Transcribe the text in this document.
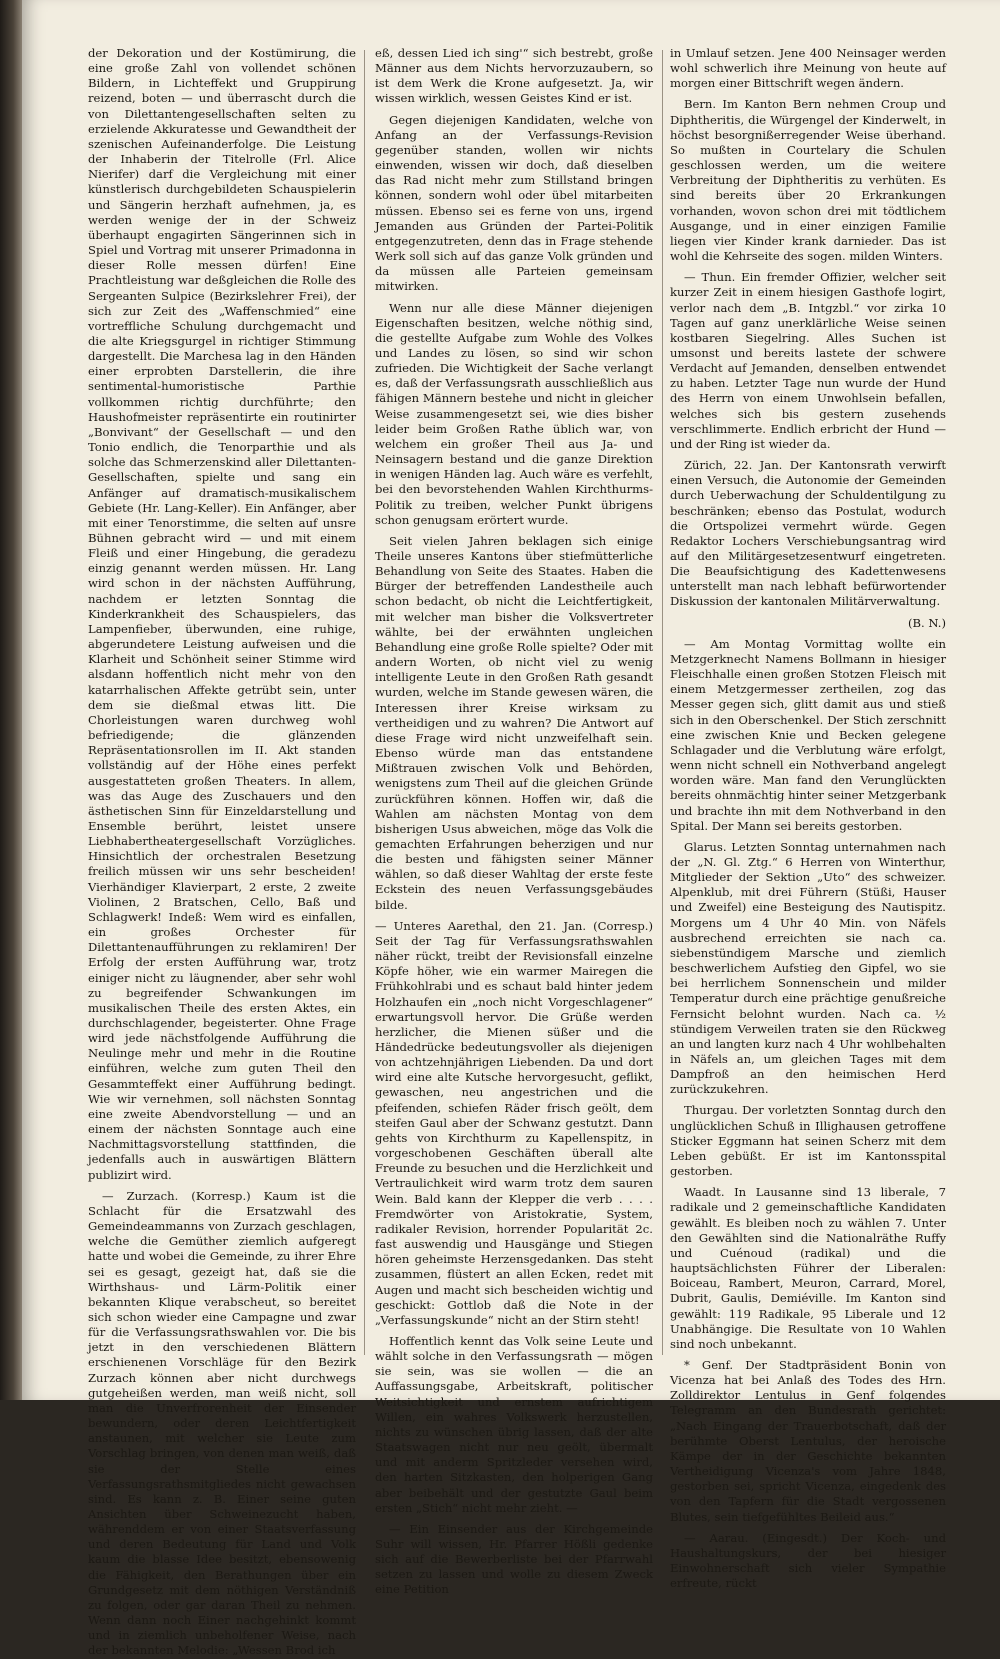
der Dekoration und der Kostümirung, die eine große Zahl von vollendet schönen Bildern, in Lichteffekt und Gruppirung reizend, boten — und überrascht durch die von Dilettantengesellschaften selten zu erzielende Akkuratesse und Gewandtheit der szenischen Aufeinanderfolge. Die Leistung der Inhaberin der Titelrolle (Frl. Alice Nierifer) darf die Vergleichung mit einer künstlerisch durchgebildeten Schauspielerin und Sängerin herzhaft aufnehmen, ja, es werden wenige der in der Schweiz überhaupt engagirten Sängerinnen sich in Spiel und Vortrag mit unserer Primadonna in dieser Rolle messen dürfen! Eine Prachtleistung war deßgleichen die Rolle des Sergeanten Sulpice (Bezirkslehrer Frei), der sich zur Zeit des „Waffenschmied“ eine vortreffliche Schulung durchgemacht und die alte Kriegsgurgel in richtiger Stimmung dargestellt. Die Marchesa lag in den Händen einer erprobten Darstellerin, die ihre sentimental-humoristische Parthie vollkommen richtig durchführte; den Haushofmeister repräsentirte ein routinirter „Bonvivant“ der Gesellschaft — und den Tonio endlich, die Tenorparthie und als solche das Schmerzenskind aller Dilettanten-Gesellschaften, spielte und sang ein Anfänger auf dramatisch-musikalischem Gebiete (Hr. Lang-Keller). Ein Anfänger, aber mit einer Tenorstimme, die selten auf unsre Bühnen gebracht wird — und mit einem Fleiß und einer Hingebung, die geradezu einzig genannt werden müssen. Hr. Lang wird schon in der nächsten Aufführung, nachdem er letzten Sonntag die Kinderkrankheit des Schauspielers, das Lampenfieber, überwunden, eine ruhige, abgerundetere Leistung aufweisen und die Klarheit und Schönheit seiner Stimme wird alsdann hoffentlich nicht mehr von den katarrhalischen Affekte getrübt sein, unter dem sie dießmal etwas litt. Die Chorleistungen waren durchweg wohl befriedigende; die glänzenden Repräsentationsrollen im II. Akt standen vollständig auf der Höhe eines perfekt ausgestatteten großen Theaters. In allem, was das Auge des Zuschauers und den ästhetischen Sinn für Einzeldarstellung und Ensemble berührt, leistet unsere Liebhabertheatergesellschaft Vorzügliches. Hinsichtlich der orchestralen Besetzung freilich müssen wir uns sehr bescheiden! Vierhändiger Klavierpart, 2 erste, 2 zweite Violinen, 2 Bratschen, Cello, Baß und Schlagwerk! Indeß: Wem wird es einfallen, ein großes Orchester für Dilettantenaufführungen zu reklamiren! Der Erfolg der ersten Aufführung war, trotz einiger nicht zu läugnender, aber sehr wohl zu begreifender Schwankungen im musikalischen Theile des ersten Aktes, ein durchschlagender, begeisterter. Ohne Frage wird jede nächstfolgende Aufführung die Neulinge mehr und mehr in die Routine einführen, welche zum guten Theil den Gesammteffekt einer Aufführung bedingt. Wie wir vernehmen, soll nächsten Sonntag eine zweite Abendvorstellung — und an einem der nächsten Sonntage auch eine Nachmittagsvorstellung stattfinden, die jedenfalls auch in auswärtigen Blättern publizirt wird.

— Zurzach. (Korresp.) Kaum ist die Schlacht für die Ersatzwahl des Gemeindeammanns von Zurzach geschlagen, welche die Gemüther ziemlich aufgeregt hatte und wobei die Gemeinde, zu ihrer Ehre sei es gesagt, gezeigt hat, daß sie die Wirthshaus- und Lärm-Politik einer bekannten Klique verabscheut, so bereitet sich schon wieder eine Campagne und zwar für die Verfassungsrathswahlen vor. Die bis jetzt in den verschiedenen Blättern erschienenen Vorschläge für den Bezirk Zurzach können aber nicht durchwegs gutgeheißen werden, man weiß nicht, soll man die Unverfrorenheit der Einsender bewundern, oder deren Leichtfertigkeit anstaunen, mit welcher sie Leute zum Vorschlag bringen, von denen man weiß, daß sie der Stelle eines Verfassungsrathsmitgliedes nicht gewachsen sind. Es kann z. B. Einer seine guten Ansichten über Schweinezucht haben, währenddem er von einer Staatsverfassung und deren Bedeutung für Land und Volk kaum die blasse Idee besitzt, ebensowenig die Fähigkeit, den Berathungen über ein Grundgesetz mit dem nöthigen Verständniß zu folgen, oder gar daran Theil zu nehmen. Wenn dann noch Einer nachgehinkt kommt und in ziemlich unbeholfener Weise, nach der bekannten Melodie: „Wessen Brod ich

eß, dessen Lied ich sing'“ sich bestrebt, große Männer aus dem Nichts hervorzuzaubern, so ist dem Werk die Krone aufgesetzt. Ja, wir wissen wirklich, wessen Geistes Kind er ist.

Gegen diejenigen Kandidaten, welche von Anfang an der Verfassungs-Revision gegenüber standen, wollen wir nichts einwenden, wissen wir doch, daß dieselben das Rad nicht mehr zum Stillstand bringen können, sondern wohl oder übel mitarbeiten müssen. Ebenso sei es ferne von uns, irgend Jemanden aus Gründen der Partei-Politik entgegenzutreten, denn das in Frage stehende Werk soll sich auf das ganze Volk gründen und da müssen alle Parteien gemeinsam mitwirken.

Wenn nur alle diese Männer diejenigen Eigenschaften besitzen, welche nöthig sind, die gestellte Aufgabe zum Wohle des Volkes und Landes zu lösen, so sind wir schon zufrieden. Die Wichtigkeit der Sache verlangt es, daß der Verfassungsrath ausschließlich aus fähigen Männern bestehe und nicht in gleicher Weise zusammengesetzt sei, wie dies bisher leider beim Großen Rathe üblich war, von welchem ein großer Theil aus Ja- und Neinsagern bestand und die ganze Direktion in wenigen Händen lag. Auch wäre es verfehlt, bei den bevorstehenden Wahlen Kirchthurms-Politik zu treiben, welcher Punkt übrigens schon genugsam erörtert wurde.

Seit vielen Jahren beklagen sich einige Theile unseres Kantons über stiefmütterliche Behandlung von Seite des Staates. Haben die Bürger der betreffenden Landestheile auch schon bedacht, ob nicht die Leichtfertigkeit, mit welcher man bisher die Volksvertreter wählte, bei der erwähnten ungleichen Behandlung eine große Rolle spielte? Oder mit andern Worten, ob nicht viel zu wenig intelligente Leute in den Großen Rath gesandt wurden, welche im Stande gewesen wären, die Interessen ihrer Kreise wirksam zu vertheidigen und zu wahren? Die Antwort auf diese Frage wird nicht unzweifelhaft sein. Ebenso würde man das entstandene Mißtrauen zwischen Volk und Behörden, wenigstens zum Theil auf die gleichen Gründe zurückführen können. Hoffen wir, daß die Wahlen am nächsten Montag von dem bisherigen Usus abweichen, möge das Volk die gemachten Erfahrungen beherzigen und nur die besten und fähigsten seiner Männer wählen, so daß dieser Wahltag der erste feste Eckstein des neuen Verfassungsgebäudes bilde.

— Unteres Aarethal, den 21. Jan. (Corresp.) Seit der Tag für Verfassungsrathswahlen näher rückt, treibt der Revisionsfall einzelne Köpfe höher, wie ein warmer Mairegen die Frühkohlrabi und es schaut bald hinter jedem Holzhaufen ein „noch nicht Vorgeschlagener“ erwartungsvoll hervor. Die Grüße werden herzlicher, die Mienen süßer und die Händedrücke bedeutungsvoller als diejenigen von achtzehnjährigen Liebenden. Da und dort wird eine alte Kutsche hervorgesucht, geflikt, gewaschen, neu angestrichen und die pfeifenden, schiefen Räder frisch geölt, dem steifen Gaul aber der Schwanz gestutzt. Dann gehts von Kirchthurm zu Kapellenspitz, in vorgeschobenen Geschäften überall alte Freunde zu besuchen und die Herzlichkeit und Vertraulichkeit wird warm trotz dem sauren Wein. Bald kann der Klepper die verb . . . . Fremdwörter von Aristokratie, System, radikaler Revision, horrender Popularität 2c. fast auswendig und Hausgänge und Stiegen hören geheimste Herzensgedanken. Das steht zusammen, flüstert an allen Ecken, redet mit Augen und macht sich bescheiden wichtig und geschickt: Gottlob daß die Note in der „Verfassungskunde“ nicht an der Stirn steht!

Hoffentlich kennt das Volk seine Leute und wählt solche in den Verfassungsrath — mögen sie sein, was sie wollen — die an Auffassungsgabe, Arbeitskraft, politischer Weitsichtigkeit und ernstem aufrichtigem Willen, ein wahres Volkswerk herzustellen, nichts zu wünschen übrig lassen, daß der alte Staatswagen nicht nur neu geölt, übermalt und mit anderm Spritzleder versehen wird, den harten Sitzkasten, den holperigen Gang aber beibehält und der gestutzte Gaul beim ersten „Stich“ nicht mehr zieht. —

— Ein Einsender aus der Kirchgemeinde Suhr will wissen, Hr. Pfarrer Hößli gedenke sich auf die Bewerberliste bei der Pfarrwahl setzen zu lassen und wolle zu diesem Zweck eine Petition

in Umlauf setzen. Jene 400 Neinsager werden wohl schwerlich ihre Meinung von heute auf morgen einer Bittschrift wegen ändern.

Bern. Im Kanton Bern nehmen Croup und Diphtheritis, die Würgengel der Kinderwelt, in höchst besorgnißerregender Weise überhand. So mußten in Courtelary die Schulen geschlossen werden, um die weitere Verbreitung der Diphtheritis zu verhüten. Es sind bereits über 20 Erkrankungen vorhanden, wovon schon drei mit tödtlichem Ausgange, und in einer einzigen Familie liegen vier Kinder krank darnieder. Das ist wohl die Kehrseite des sogen. milden Winters.

— Thun. Ein fremder Offizier, welcher seit kurzer Zeit in einem hiesigen Gasthofe logirt, verlor nach dem „B. Intgzbl.“ vor zirka 10 Tagen auf ganz unerklärliche Weise seinen kostbaren Siegelring. Alles Suchen ist umsonst und bereits lastete der schwere Verdacht auf Jemanden, denselben entwendet zu haben. Letzter Tage nun wurde der Hund des Herrn von einem Unwohlsein befallen, welches sich bis gestern zusehends verschlimmerte. Endlich erbricht der Hund — und der Ring ist wieder da.

Zürich, 22. Jan. Der Kantonsrath verwirft einen Versuch, die Autonomie der Gemeinden durch Ueberwachung der Schuldentilgung zu beschränken; ebenso das Postulat, wodurch die Ortspolizei vermehrt würde. Gegen Redaktor Lochers Verschiebungsantrag wird auf den Militärgesetzesentwurf eingetreten. Die Beaufsichtigung des Kadettenwesens unterstellt man nach lebhaft befürwortender Diskussion der kantonalen Militärverwaltung.

(B. N.)

— Am Montag Vormittag wollte ein Metzgerknecht Namens Bollmann in hiesiger Fleischhalle einen großen Stotzen Fleisch mit einem Metzgermesser zertheilen, zog das Messer gegen sich, glitt damit aus und stieß sich in den Oberschenkel. Der Stich zerschnitt eine zwischen Knie und Becken gelegene Schlagader und die Verblutung wäre erfolgt, wenn nicht schnell ein Nothverband angelegt worden wäre. Man fand den Verunglückten bereits ohnmächtig hinter seiner Metzgerbank und brachte ihn mit dem Nothverband in den Spital. Der Mann sei bereits gestorben.

Glarus. Letzten Sonntag unternahmen nach der „N. Gl. Ztg.“ 6 Herren von Winterthur, Mitglieder der Sektion „Uto“ des schweizer. Alpenklub, mit drei Führern (Stüßi, Hauser und Zweifel) eine Besteigung des Nautispitz. Morgens um 4 Uhr 40 Min. von Näfels ausbrechend erreichten sie nach ca. siebenstündigem Marsche und ziemlich beschwerlichem Aufstieg den Gipfel, wo sie bei herrlichem Sonnenschein und milder Temperatur durch eine prächtige genußreiche Fernsicht belohnt wurden. Nach ca. ½ stündigem Verweilen traten sie den Rückweg an und langten kurz nach 4 Uhr wohlbehalten in Näfels an, um gleichen Tages mit dem Dampfroß an den heimischen Herd zurückzukehren.

Thurgau. Der vorletzten Sonntag durch den unglücklichen Schuß in Illighausen getroffene Sticker Eggmann hat seinen Scherz mit dem Leben gebüßt. Er ist im Kantonsspital gestorben.

Waadt. In Lausanne sind 13 liberale, 7 radikale und 2 gemeinschaftliche Kandidaten gewählt. Es bleiben noch zu wählen 7. Unter den Gewählten sind die Nationalräthe Ruffy und Cuénoud (radikal) und die hauptsächlichsten Führer der Liberalen: Boiceau, Rambert, Meuron, Carrard, Morel, Dubrit, Gaulis, Demiéville. Im Kanton sind gewählt: 119 Radikale, 95 Liberale und 12 Unabhängige. Die Resultate von 10 Wahlen sind noch unbekannt.

* Genf. Der Stadtpräsident Bonin von Vicenza hat bei Anlaß des Todes des Hrn. Zolldirektor Lentulus in Genf folgendes Telegramm an den Bundesrath gerichtet: „Nach Eingang der Trauerbotschaft, daß der berühmte Oberst Lentulus, der heroische Kämpe der in der Geschichte bekannten Vertheidigung Vicenza's vom Jahre 1848, gestorben sei, spricht Vicenza, eingedenk des von den Tapfern für die Stadt vergossenen Blutes, sein tiefgefühltes Beileid aus.“

— Aarau. (Eingesdt.) Der Koch- und Haushaltungskurs, der bei hiesiger Einwohnerschaft sich vieler Sympathie erfreute, rückt
